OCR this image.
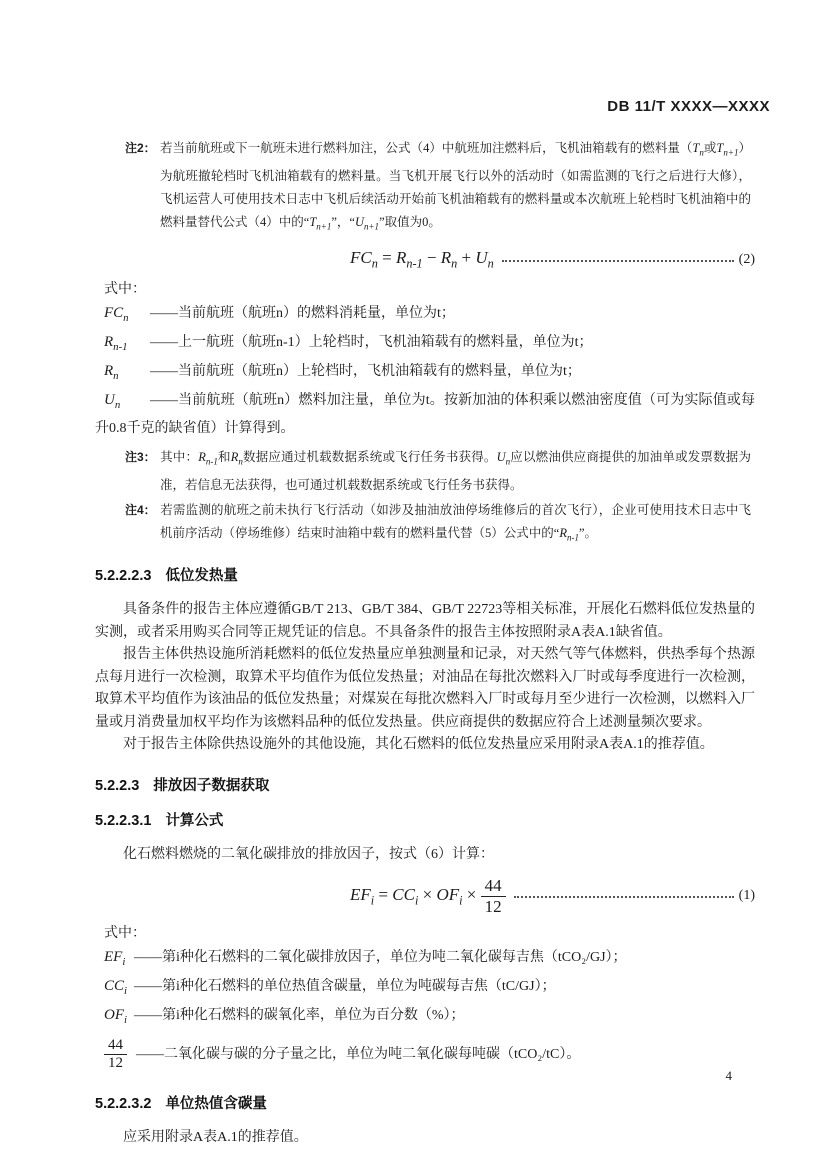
DB 11/T XXXX—XXXX
注2： 若当前航班或下一航班未进行燃料加注，公式（4）中航班加注燃料后，飞机油箱载有的燃料量（$T_n$或$T_{n+1}$）为航班撤轮档时飞机油箱载有的燃料量。当飞机开展飞行以外的活动时（如需监测的飞行之后进行大修），飞机运营人可使用技术日志中飞机后续活动开始前飞机油箱载有的燃料量或本次航班上轮档时飞机油箱中的燃料量替代公式（4）中的“$T_{n+1}$”，“$U_{n+1}$”取值为0。
$FC_n = R_{n-1} - R_n + U_n$	(2)
式中：
$FC_n$ ——当前航班（航班n）的燃料消耗量，单位为t；
$R_{n-1}$ ——上一航班（航班n-1）上轮档时，飞机油箱载有的燃料量，单位为t；
$R_n$ ——当前航班（航班n）上轮档时，飞机油箱载有的燃料量，单位为t；
$U_n$ ——当前航班（航班n）燃料加注量，单位为t。按新加油的体积乘以燃油密度值（可为实际值或每升0.8千克的缺省值）计算得到。
注3： 其中：$R_{n-1}$和$R_n$数据应通过机载数据系统或飞行任务书获得。$U_n$应以燃油供应商提供的加油单或发票数据为准，若信息无法获得，也可通过机载数据系统或飞行任务书获得。
注4： 若需监测的航班之前未执行飞行活动（如涉及抽油放油停场维修后的首次飞行），企业可使用技术日志中飞机前序活动（停场维修）结束时油箱中载有的燃料量代替（5）公式中的“$R_{n-1}$”。
5.2.2.2.3 低位发热量

具备条件的报告主体应遵循GB/T 213、GB/T 384、GB/T 22723等相关标准，开展化石燃料低位发热量的实测，或者采用购买合同等正规凭证的信息。不具备条件的报告主体按照附录A表A.1缺省值。

报告主体供热设施所消耗燃料的低位发热量应单独测量和记录，对天然气等气体燃料，供热季每个热源点每月进行一次检测，取算术平均值作为低位发热量；对油品在每批次燃料入厂时或每季度进行一次检测，取算术平均值作为该油品的低位发热量；对煤炭在每批次燃料入厂时或每月至少进行一次检测，以燃料入厂量或月消费量加权平均作为该燃料品种的低位发热量。供应商提供的数据应符合上述测量频次要求。

对于报告主体除供热设施外的其他设施，其化石燃料的低位发热量应采用附录A表A.1的推荐值。

5.2.2.3 排放因子数据获取
5.2.2.3.1 计算公式

化石燃料燃烧的二氧化碳排放的排放因子，按式（6）计算：

$EF_i = CC_i \times OF_i \times \frac{44}{12}$	(1)
式中：
$EF_i$ ——第i种化石燃料的二氧化碳排放因子，单位为吨二氧化碳每吉焦（tCO₂/GJ）；
$CC_i$ ——第i种化石燃料的单位热值含碳量，单位为吨碳每吉焦（tC/GJ）；
$OF_i$ ——第i种化石燃料的碳氧化率，单位为百分数（%）；
$\frac{44}{12}$ ——二氧化碳与碳的分子量之比，单位为吨二氧化碳每吨碳（tCO₂/tC）。
5.2.2.3.2 单位热值含碳量

应采用附录A表A.1的推荐值。

4
